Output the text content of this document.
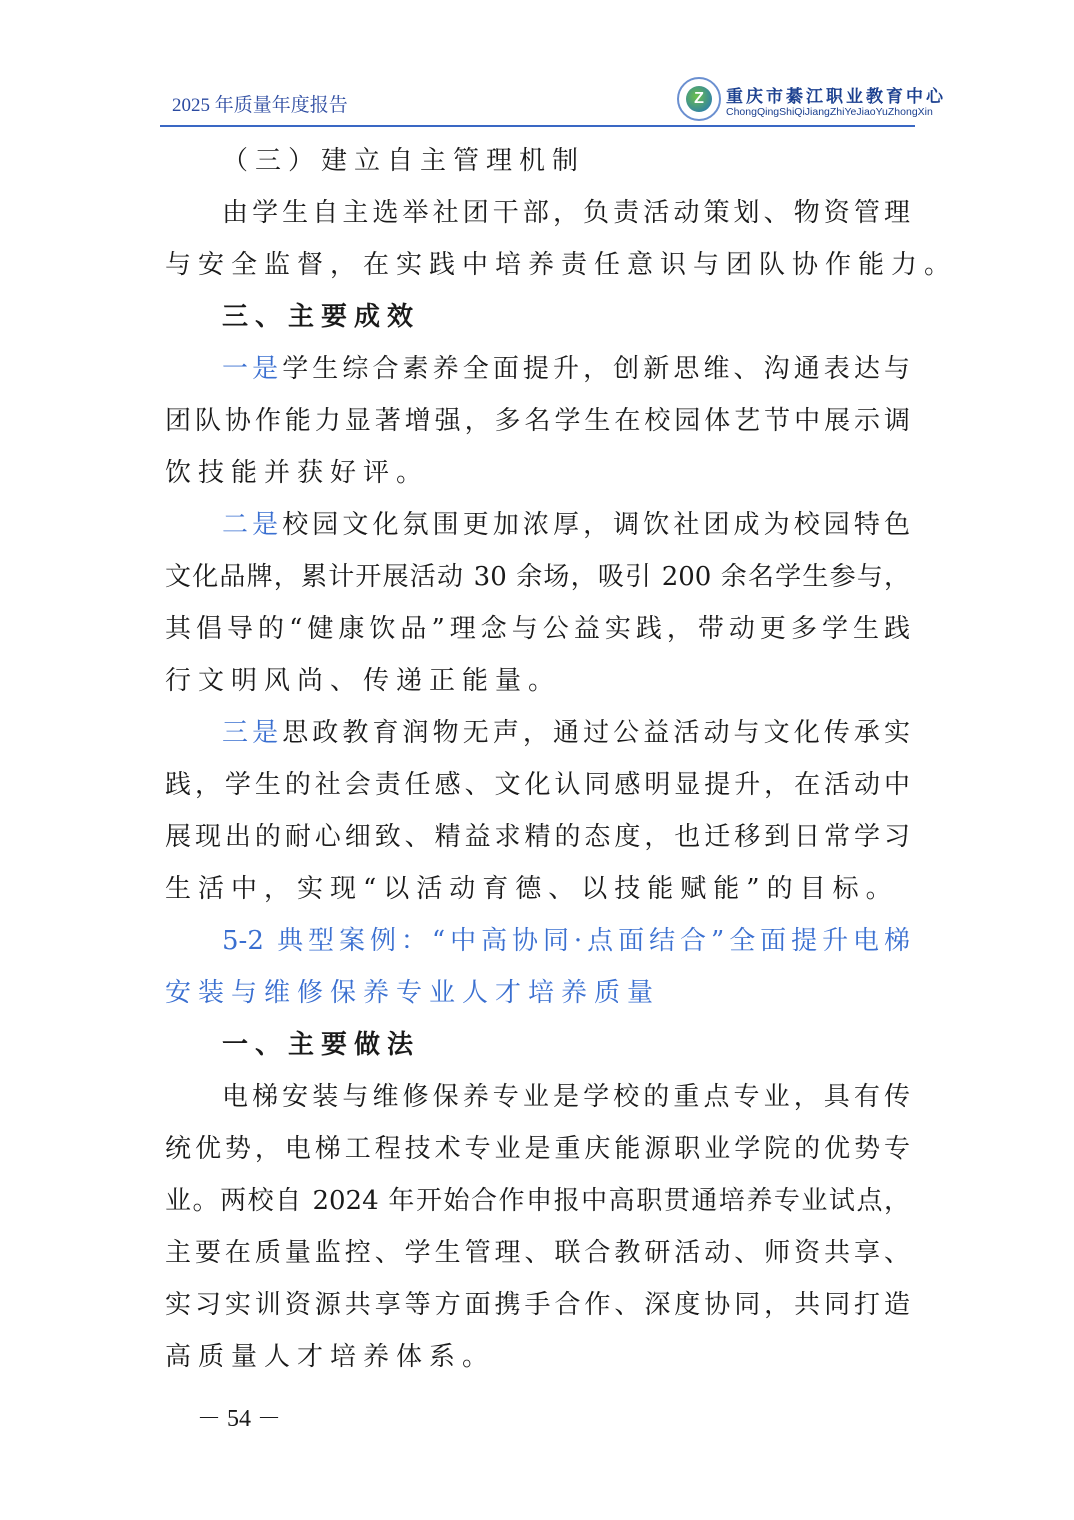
2025 年质量年度报告	Z	重庆市綦江职业教育中心
ChongQingShiQiJiangZhiYeJiaoYuZhongXin
（三）建立自主管理机制
由学生自主选举社团干部，负责活动策划、物资管理
与安全监督，在实践中培养责任意识与团队协作能力。
三、主要成效
一是学生综合素养全面提升，创新思维、沟通表达与
团队协作能力显著增强，多名学生在校园体艺节中展示调
饮技能并获好评。
二是校园文化氛围更加浓厚，调饮社团成为校园特色
文化品牌，累计开展活动 30 余场，吸引 200 余名学生参与，
其倡导的“健康饮品”理念与公益实践，带动更多学生践
行文明风尚、传递正能量。
三是思政教育润物无声，通过公益活动与文化传承实
践，学生的社会责任感、文化认同感明显提升，在活动中
展现出的耐心细致、精益求精的态度，也迁移到日常学习
生活中，实现“以活动育德、以技能赋能”的目标。
5-2 典型案例：“中高协同·点面结合”全面提升电梯
安装与维修保养专业人才培养质量
一、主要做法
电梯安装与维修保养专业是学校的重点专业，具有传
统优势，电梯工程技术专业是重庆能源职业学院的优势专
业。两校自 2024 年开始合作申报中高职贯通培养专业试点，
主要在质量监控、学生管理、联合教研活动、师资共享、
实习实训资源共享等方面携手合作、深度协同，共同打造
高质量人才培养体系。
－ 54 －
